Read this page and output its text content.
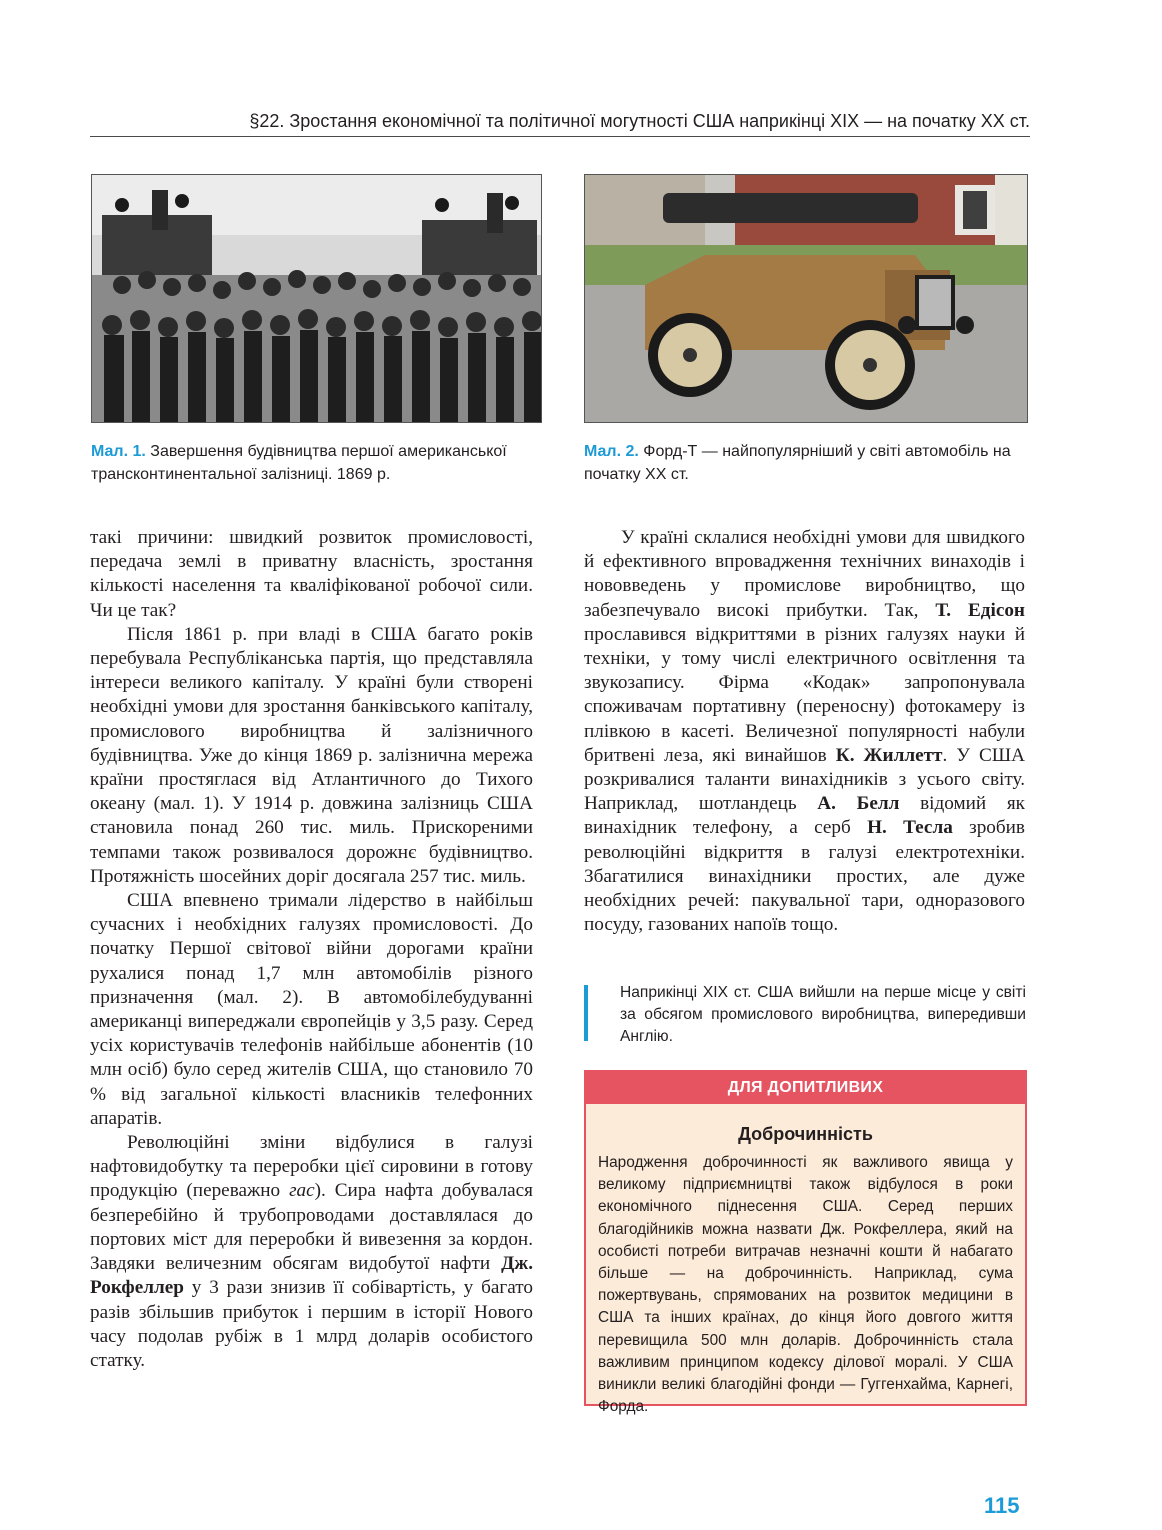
§22. Зростання економічної та політичної могутності США наприкінці XIX — на початку XX ст.
Мал. 1. Завершення будівництва першої американської трансконтинентальної залізниці. 1869 р.
Мал. 2. Форд-Т — найпопулярніший у світі автомобіль на початку XX ст.

такі причини: швидкий розвиток промисловості, передача землі в приватну власність, зростання кількості населення та кваліфікованої робочої сили. Чи це так?

Після 1861 р. при владі в США багато років перебувала Республіканська партія, що представляла інтереси великого капіталу. У країні були створені необхідні умови для зростання банківського капіталу, промислового виробництва й залізничного будівництва. Уже до кінця 1869 р. залізнична мережа країни простяглася від Атлантичного до Тихого океану (мал. 1). У 1914 р. довжина залізниць США становила понад 260 тис. миль. Прискореними темпами також розвивалося дорожнє будівництво. Протяжність шосейних доріг досягала 257 тис. миль.

США впевнено тримали лідерство в найбільш сучасних і необхідних галузях промисловості. До початку Першої світової війни дорогами країни рухалися понад 1,7 млн автомобілів різного призначення (мал. 2). В автомобілебудуванні американці випереджали європейців у 3,5 разу. Серед усіх користувачів телефонів найбільше абонентів (10 млн осіб) було серед жителів США, що становило 70 % від загальної кількості власників телефонних апаратів.

Революційні зміни відбулися в галузі нафтовидобутку та переробки цієї сировини в готову продукцію (переважно гас). Сира нафта добувалася безперебійно й трубопроводами доставлялася до портових міст для переробки й вивезення за кордон. Завдяки величезним обсягам видобутої нафти Дж. Рокфеллер у 3 рази знизив її собівартість, у багато разів збільшив прибуток і першим в історії Нового часу подолав рубіж в 1 млрд доларів особистого статку.

У країні склалися необхідні умови для швидкого й ефективного впровадження технічних винаходів і нововведень у промислове виробництво, що забезпечувало високі прибутки. Так, Т. Едісон прославився відкриттями в різних галузях науки й техніки, у тому числі електричного освітлення та звукозапису. Фірма «Кодак» запропонувала споживачам портативну (переносну) фотокамеру із плівкою в касеті. Величезної популярності набули бритвені леза, які винайшов К. Жиллетт. У США розкривалися таланти винахідників з усього світу. Наприклад, шотландець А. Белл відомий як винахідник телефону, а серб Н. Тесла зробив революційні відкриття в галузі електротехніки. Збагатилися винахідники простих, але дуже необхідних речей: пакувальної тари, одноразового посуду, газованих напоїв тощо.

Наприкінці XIX ст. США вийшли на перше місце у світі за обсягом промислового виробництва, випередивши Англію.
ДЛЯ ДОПИТЛИВИХ
Доброчинність
Народження доброчинності як важливого явища у великому підприємництві також відбулося в роки економічного піднесення США. Серед перших благодійників можна назвати Дж. Рокфеллера, який на особисті потреби витрачав незначні кошти й набагато більше — на доброчинність. Наприклад, сума пожертвувань, спрямованих на розвиток медицини в США та інших країнах, до кінця його довгого життя перевищила 500 млн доларів. Доброчинність стала важливим принципом кодексу ділової моралі. У США виникли великі благодійні фонди — Гуггенхайма, Карнегі, Форда.
115
